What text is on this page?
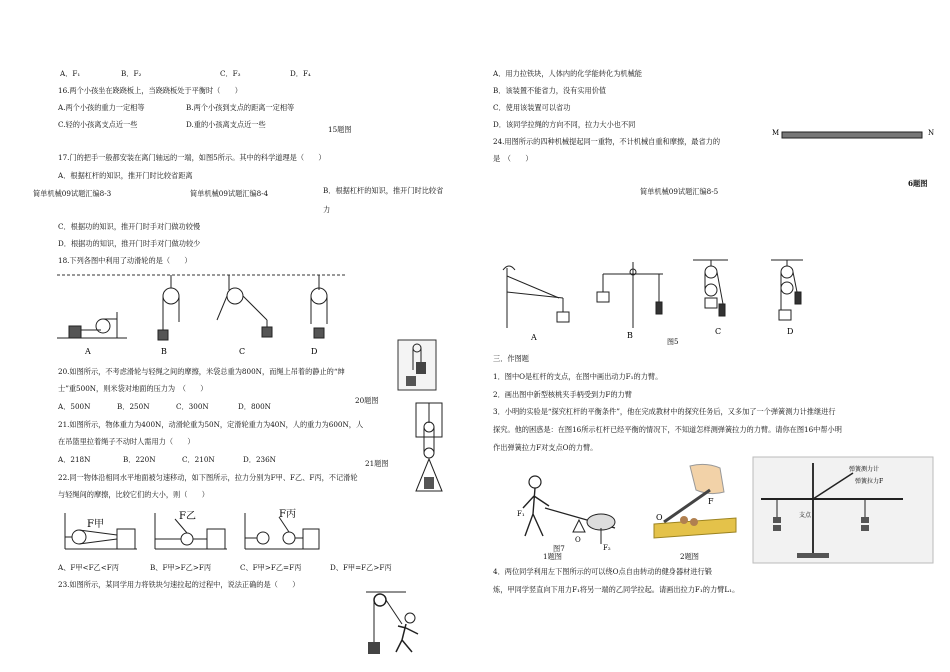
A．F₁	B．F₂	C．F₃	D．F₄
16.两个小孩坐在跷跷板上，当跷跷板处于平衡时（　　）
A.两个小孩的重力一定相等	B.两个小孩到支点的距离一定相等
C.轻的小孩离支点近一些	D.重的小孩离支点近一些
15题图
17.门的把手一般都安装在离门轴远的一端，如图5所示。其中的科学道理是（　　）
A．根据杠杆的知识，推开门时比较省距离
简单机械09试题汇编8-3	简单机械09试题汇编8-4	B．根据杠杆的知识，推开门时比较省
力
C．根据功的知识，推开门时手对门做功较慢
D．根据功的知识，推开门时手对门做功较少
18.下列各图中利用了动滑轮的是（　　）
A	B	C	D
20.如图所示，不考虑滑轮与轻绳之间的摩擦，米袋总重为800N，而绳上吊着的静止的“绅
士”重500N，则米袋对地面的压力为　（　　）
A．500N	B．250N	C．300N	D．800N
20题图
21.如图所示，物体重力为400N，动滑轮重为50N，定滑轮重力为40N，人的重力为600N，人
在吊篮里拉着绳子不动时人需用力（　　）
A．218N	B．220N	C．210N	D．236N	21题图
22.同一物体沿相同水平地面被匀速移动，如下图所示，拉力分别为F甲、F乙、F丙，不记滑轮
与轻绳间的摩擦，比较它们的大小，则（　　）
F甲
F乙	F丙
A、F甲<F乙<F丙	B、F甲>F乙>F丙	C、F甲>F乙=F丙	D、F甲=F乙>F丙
23.如图所示，某同学用力将铁块匀速拉起的过程中，说法正确的是（　　）
A．用力拉铁块，人体内的化学能转化为机械能
B．该装置不能省力，没有实用价值
C．使用该装置可以省功
D．该同学拉绳的方向不同，拉力大小也不同
M	N
24.用图所示的四种机械提起同一重物，不计机械自重和摩擦，最省力的
是　（　　）
简单机械09试题汇编8-5
6题图
A	B	C	D
图5
三．作图题
1．图中O是杠杆的支点，在图中画出动力F₁的力臂。
2．画出图中新型核桃夹手柄受到力F的力臂
3．小明的实验是“探究杠杆的平衡条件”，他在完成教材中的探究任务后，又多加了一个弹簧测力计推继进行
探究。他的困惑是：在图16所示杠杆已经平衡的情况下，不知道怎样测弹簧拉力的力臂。请你在图16中帮小明
作出弹簧拉力F对支点O的力臂。
F₁
O
F₂
图7
1题图
F
O
2题图
弹簧测力计
弹簧拉力F
支点
4．两位同学利用左下图所示的可以绕O点自由转动的健身器材进行锻
炼，甲同学竖直向下用力F₁将另一端的乙同学拉起。请画出拉力F₁的力臂L₁。
